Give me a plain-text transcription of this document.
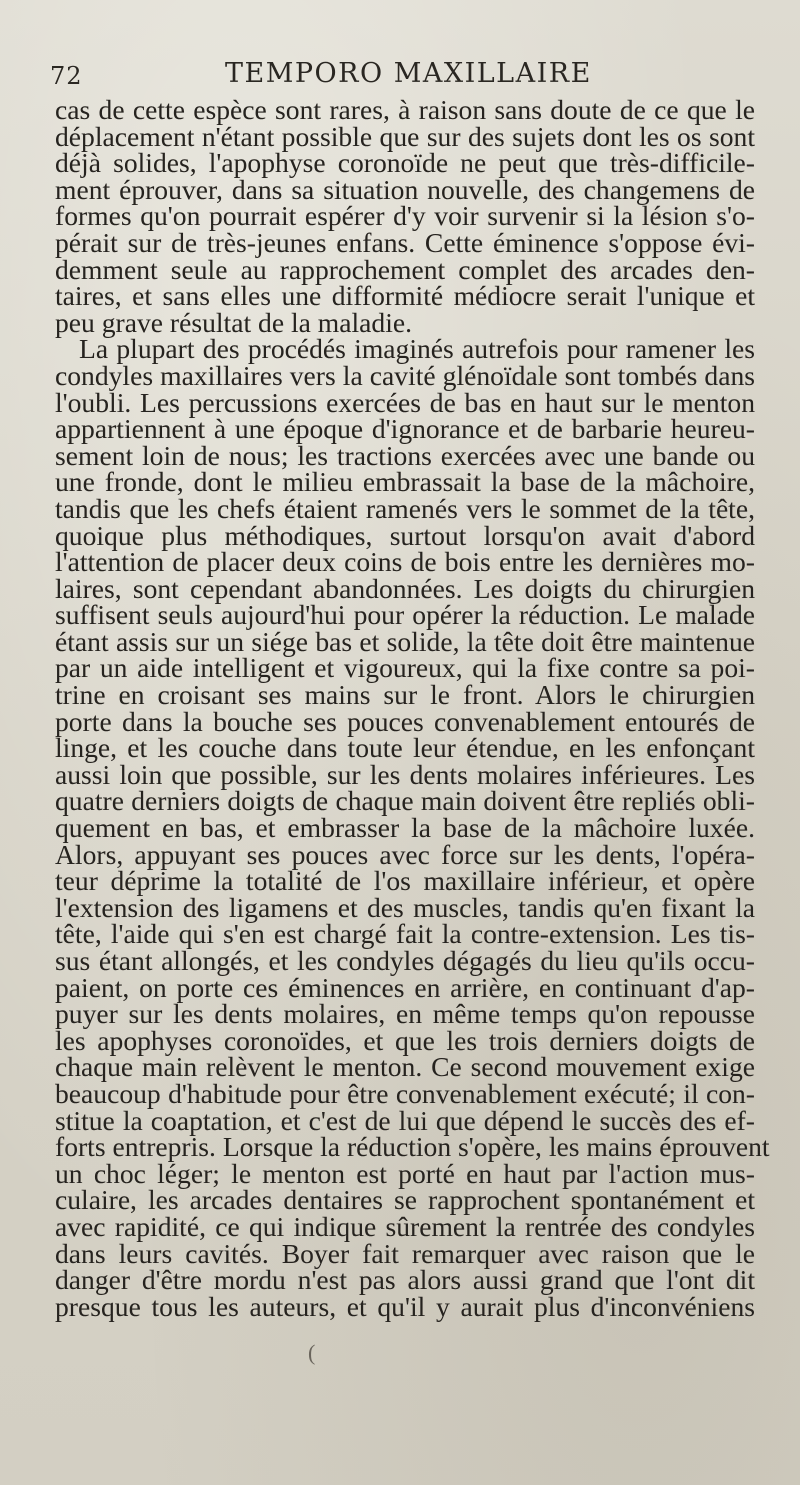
72	TEMPORO MAXILLAIRE
cas de cette espèce sont rares, à raison sans doute de ce que le
déplacement n'étant possible que sur des sujets dont les os sont
déjà solides, l'apophyse coronoïde ne peut que très-difficile-
ment éprouver, dans sa situation nouvelle, des changemens de
formes qu'on pourrait espérer d'y voir survenir si la lésion s'o-
pérait sur de très-jeunes enfans. Cette éminence s'oppose évi-
demment seule au rapprochement complet des arcades den-
taires, et sans elles une difformité médiocre serait l'unique et
peu grave résultat de la maladie.
La plupart des procédés imaginés autrefois pour ramener les
condyles maxillaires vers la cavité glénoïdale sont tombés dans
l'oubli. Les percussions exercées de bas en haut sur le menton
appartiennent à une époque d'ignorance et de barbarie heureu-
sement loin de nous; les tractions exercées avec une bande ou
une fronde, dont le milieu embrassait la base de la mâchoire,
tandis que les chefs étaient ramenés vers le sommet de la tête,
quoique plus méthodiques, surtout lorsqu'on avait d'abord
l'attention de placer deux coins de bois entre les dernières mo-
laires, sont cependant abandonnées. Les doigts du chirurgien
suffisent seuls aujourd'hui pour opérer la réduction. Le malade
étant assis sur un siége bas et solide, la tête doit être maintenue
par un aide intelligent et vigoureux, qui la fixe contre sa poi-
trine en croisant ses mains sur le front. Alors le chirurgien
porte dans la bouche ses pouces convenablement entourés de
linge, et les couche dans toute leur étendue, en les enfonçant
aussi loin que possible, sur les dents molaires inférieures. Les
quatre derniers doigts de chaque main doivent être repliés obli-
quement en bas, et embrasser la base de la mâchoire luxée.
Alors, appuyant ses pouces avec force sur les dents, l'opéra-
teur déprime la totalité de l'os maxillaire inférieur, et opère
l'extension des ligamens et des muscles, tandis qu'en fixant la
tête, l'aide qui s'en est chargé fait la contre-extension. Les tis-
sus étant allongés, et les condyles dégagés du lieu qu'ils occu-
paient, on porte ces éminences en arrière, en continuant d'ap-
puyer sur les dents molaires, en même temps qu'on repousse
les apophyses coronoïdes, et que les trois derniers doigts de
chaque main relèvent le menton. Ce second mouvement exige
beaucoup d'habitude pour être convenablement exécuté; il con-
stitue la coaptation, et c'est de lui que dépend le succès des ef-
forts entrepris. Lorsque la réduction s'opère, les mains éprouvent
un choc léger; le menton est porté en haut par l'action mus-
culaire, les arcades dentaires se rapprochent spontanément et
avec rapidité, ce qui indique sûrement la rentrée des condyles
dans leurs cavités. Boyer fait remarquer avec raison que le
danger d'être mordu n'est pas alors aussi grand que l'ont dit
presque tous les auteurs, et qu'il y aurait plus d'inconvéniens
(
